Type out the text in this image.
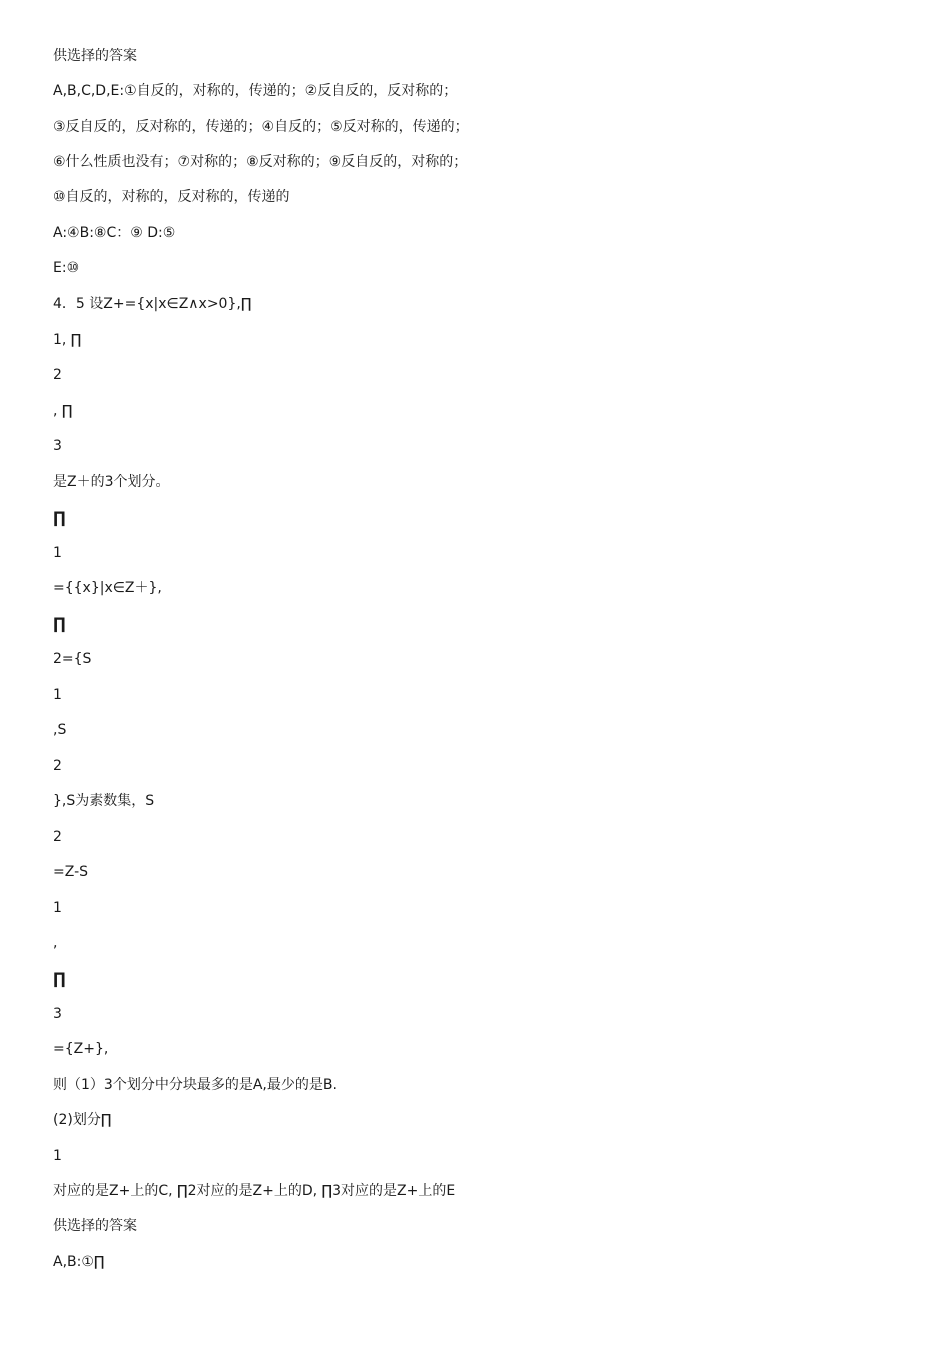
供选择的答案

A,B,C,D,E:①自反的，对称的，传递的；②反自反的，反对称的；

③反自反的，反对称的，传递的；④自反的；⑤反对称的，传递的；

⑥什么性质也没有；⑦对称的；⑧反对称的；⑨反自反的，对称的；

⑩自反的，对称的，反对称的，传递的

A:④B:⑧C：⑨ D:⑤

E:⑩

4．5 设Z+={x|x∈Z∧x>0},∏

1, ∏

2

, ∏

3

是Z＋的3个划分。

∏

1

={{x}|x∈Z＋},

∏

2={S

1

,S

2

},S为素数集，S

2

=Z-S

1

,

∏

3

={Z+},

则（1）3个划分中分块最多的是A,最少的是B.

(2)划分∏

1

对应的是Z+上的C, ∏2对应的是Z+上的D, ∏3对应的是Z+上的E

供选择的答案

A,B:①∏
